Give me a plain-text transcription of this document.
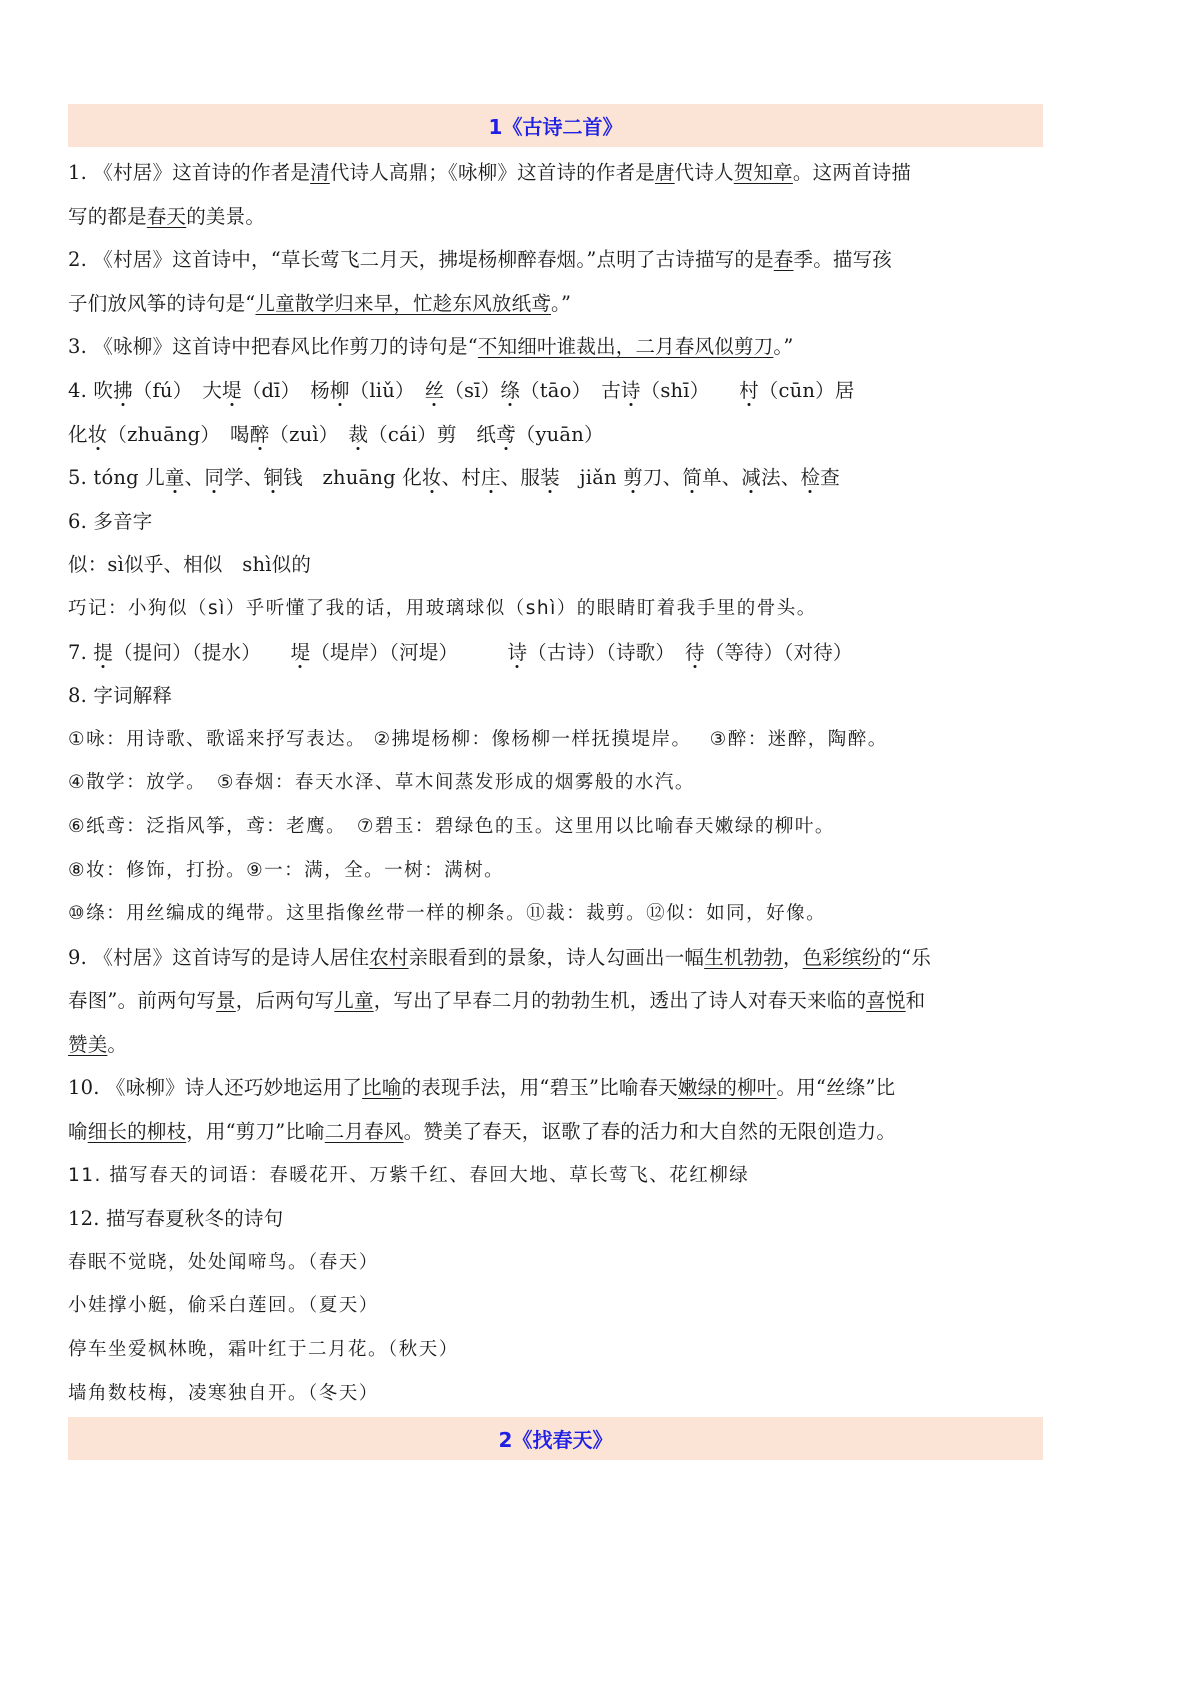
1《古诗二首》
1. 《村居》这首诗的作者是清代诗人高鼎；《咏柳》这首诗的作者是唐代诗人贺知章。这两首诗描
写的都是春天的美景。
2. 《村居》这首诗中，“草长莺飞二月天，拂堤杨柳醉春烟。”点明了古诗描写的是春季。描写孩
子们放风筝的诗句是“儿童散学归来早，忙趁东风放纸鸢。”
3. 《咏柳》这首诗中把春风比作剪刀的诗句是“不知细叶谁裁出，二月春风似剪刀。”
4. 吹拂（fú）　大堤（dī）　杨柳（liǔ）　丝（sī）绦（tāo）　古诗（shī）　　村（cūn）居
化妆（zhuāng）　喝醉（zuì）　裁（cái）剪　纸鸢（yuān）
5. tóng 儿童、同学、铜钱　zhuāng 化妆、村庄、服装　jiǎn 剪刀、简单、减法、检查
6. 多音字
似：sì似乎、相似　shì似的
巧记：小狗似（sì）乎听懂了我的话，用玻璃球似（shì）的眼睛盯着我手里的骨头。
7. 提（提问）（提水）　　堤（堤岸）（河堤）　　　诗（古诗）（诗歌）　待（等待）（对待）
8. 字词解释
①咏：用诗歌、歌谣来抒写表达。 ②拂堤杨柳：像杨柳一样抚摸堤岸。　 ③醉：迷醉，陶醉。
④散学：放学。　⑤春烟：春天水泽、草木间蒸发形成的烟雾般的水汽。
⑥纸鸢：泛指风筝，鸢：老鹰。　⑦碧玉：碧绿色的玉。这里用以比喻春天嫩绿的柳叶。
⑧妆：修饰，打扮。⑨一：满，全。一树：满树。
⑩绦：用丝编成的绳带。这里指像丝带一样的柳条。⑪裁：裁剪。⑫似：如同，好像。
9. 《村居》这首诗写的是诗人居住农村亲眼看到的景象，诗人勾画出一幅生机勃勃，色彩缤纷的“乐
春图”。前两句写景，后两句写儿童，写出了早春二月的勃勃生机，透出了诗人对春天来临的喜悦和
赞美。
10. 《咏柳》诗人还巧妙地运用了比喻的表现手法，用“碧玉”比喻春天嫩绿的柳叶。用“丝绦”比
喻细长的柳枝，用“剪刀”比喻二月春风。赞美了春天，讴歌了春的活力和大自然的无限创造力。
11. 描写春天的词语：春暖花开、万紫千红、春回大地、草长莺飞、花红柳绿
12. 描写春夏秋冬的诗句
春眠不觉晓，处处闻啼鸟。（春天）
小娃撑小艇，偷采白莲回。（夏天）
停车坐爱枫林晚，霜叶红于二月花。（秋天）
墙角数枝梅，凌寒独自开。（冬天）
2《找春天》
